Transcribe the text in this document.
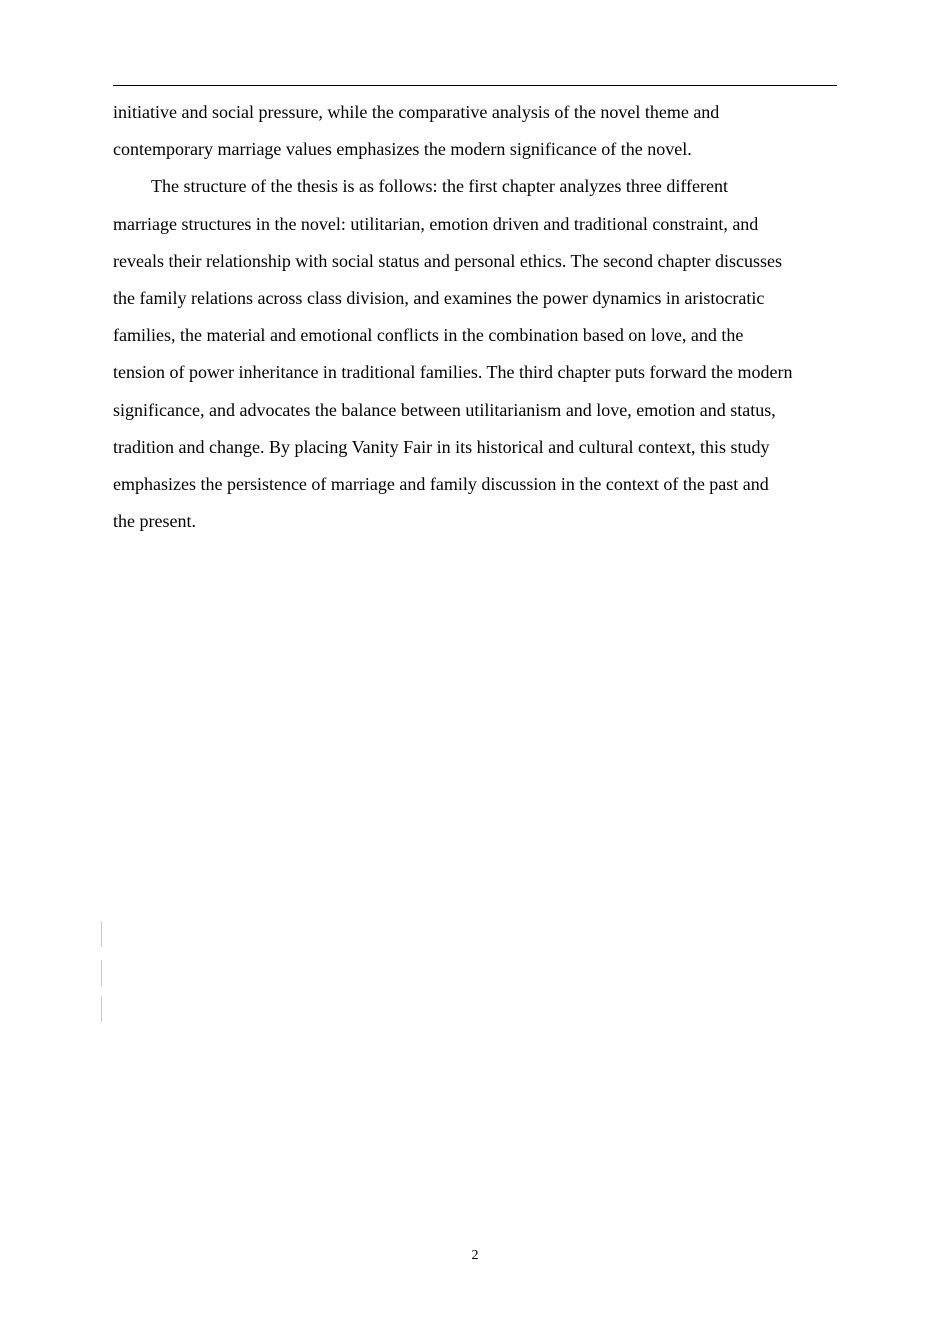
initiative and social pressure, while the comparative analysis of the novel theme and
contemporary marriage values emphasizes the modern significance of the novel.
The structure of the thesis is as follows: the first chapter analyzes three different
marriage structures in the novel: utilitarian, emotion driven and traditional constraint, and
reveals their relationship with social status and personal ethics. The second chapter discusses
the family relations across class division, and examines the power dynamics in aristocratic
families, the material and emotional conflicts in the combination based on love, and the
tension of power inheritance in traditional families. The third chapter puts forward the modern
significance, and advocates the balance between utilitarianism and love, emotion and status,
tradition and change. By placing Vanity Fair in its historical and cultural context, this study
emphasizes the persistence of marriage and family discussion in the context of the past and
the present.
2
